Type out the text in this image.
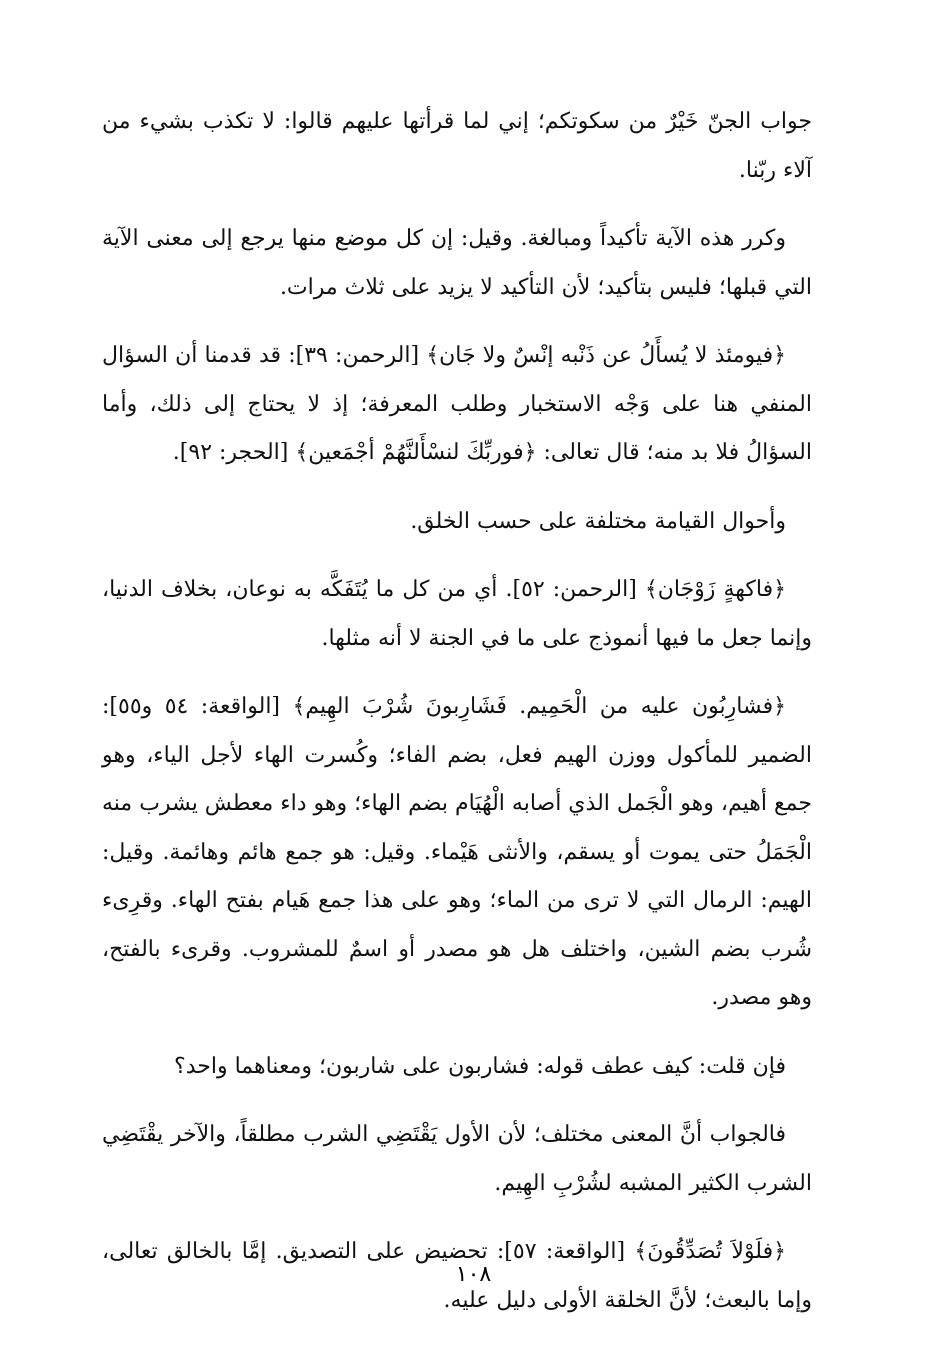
جواب الجنّ خَيْرٌ من سكوتكم؛ إني لما قرأتها عليهم قالوا: لا تكذب بشيء من آلاء ربّنا.

وكرر هذه الآية تأكيداً ومبالغة. وقيل: إن كل موضع منها يرجع إلى معنى الآية التي قبلها؛ فليس بتأكيد؛ لأن التأكيد لا يزيد على ثلاث مرات.

﴿فيومئذ لا يُسأَلُ عن ذَنْبه إنْسٌ ولا جَان﴾ [الرحمن: ٣٩]: قد قدمنا أن السؤال المنفي هنا على وَجْه الاستخبار وطلب المعرفة؛ إذ لا يحتاج إلى ذلك، وأما السؤالُ فلا بد منه؛ قال تعالى: ﴿فوربِّكَ لنسْأَلنَّهُمْ أجْمَعين﴾ [الحجر: ٩٢].

وأحوال القيامة مختلفة على حسب الخلق.

﴿فاكهةٍ زَوْجَان﴾ [الرحمن: ٥٢]. أي من كل ما يُتَفَكَّه به نوعان، بخلاف الدنيا، وإنما جعل ما فيها أنموذج على ما في الجنة لا أنه مثلها.

﴿فشارِبُون عليه من الْحَمِيم. فَشَارِبونَ شُرْبَ الهِيم﴾ [الواقعة: ٥٤ و٥٥]: الضمير للمأكول ووزن الهيم فعل، بضم الفاء؛ وكُسرت الهاء لأجل الياء، وهو جمع أهيم، وهو الْجَمل الذي أصابه الْهُيَام بضم الهاء؛ وهو داء معطش يشرب منه الْجَمَلُ حتى يموت أو يسقم، والأنثى هَيْماء. وقيل: هو جمع هائم وهائمة. وقيل: الهيم: الرمال التي لا ترى من الماء؛ وهو على هذا جمع هَيام بفتح الهاء. وقرِىء شُرب بضم الشين، واختلف هل هو مصدر أو اسمٌ للمشروب. وقرىء بالفتح، وهو مصدر.

فإن قلت: كيف عطف قوله: فشاربون على شاربون؛ ومعناهما واحد؟

فالجواب أنَّ المعنى مختلف؛ لأن الأول يَقْتَضِي الشرب مطلقاً، والآخر يقْتَضِي الشرب الكثير المشبه لشُرْبِ الهِيم.

﴿فلَوْلاَ تُصَدِّقُونَ﴾ [الواقعة: ٥٧]: تحضيض على التصديق. إمَّا بالخالق تعالى، وإما بالبعث؛ لأنَّ الخلقة الأولى دليل عليه.

١٠٨
